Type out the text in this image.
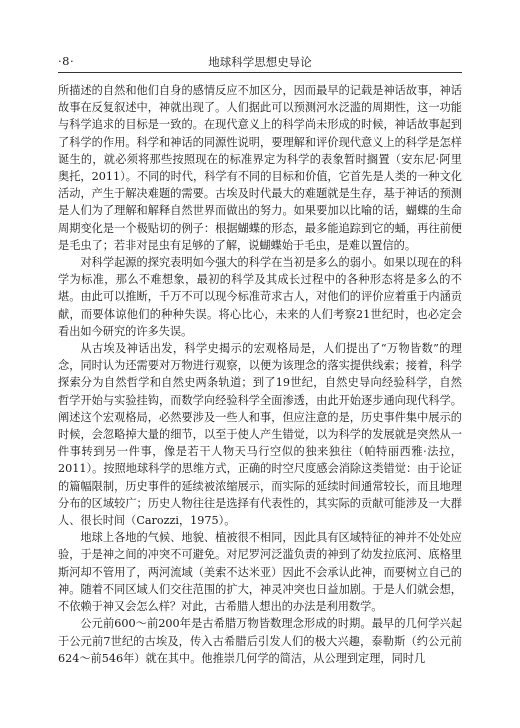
·8·	地球科学思想史导论

所描述的自然和他们自身的感情反应不加区分，因而最早的记载是神话故事，神话故事在反复叙述中，神就出现了。人们据此可以预测河水泛滥的周期性，这一功能与科学追求的目标是一致的。在现代意义上的科学尚未形成的时候，神话故事起到了科学的作用。科学和神话的同源性说明，要理解和评价现代意义上的科学是怎样诞生的，就必须将那些按照现在的标准界定为科学的表象暂时搁置（安东尼·阿里奥托，2011）。不同的时代，科学有不同的目标和价值，它首先是人类的一种文化活动，产生于解决难题的需要。古埃及时代最大的难题就是生存，基于神话的预测是人们为了理解和解释自然世界而做出的努力。如果要加以比喻的话，蝴蝶的生命周期变化是一个极贴切的例子：根据蝴蝶的形态，最多能追踪到它的蛹，再往前便是毛虫了；若非对昆虫有足够的了解，说蝴蝶始于毛虫，是难以置信的。

对科学起源的探究表明如今强大的科学在当初是多么的弱小。如果以现在的科学为标准，那么不难想象，最初的科学及其成长过程中的各种形态将是多么的不堪。由此可以推断，千万不可以现今标准苛求古人，对他们的评价应着重于内涵贡献，而要体谅他们的种种失误。将心比心，未来的人们考察21世纪时，也必定会看出如今研究的许多失误。

从古埃及神话出发，科学史揭示的宏观格局是，人们提出了“万物皆数”的理念，同时认为还需要对万物进行观察，以便为该理念的落实提供线索；接着，科学探索分为自然哲学和自然史两条轨道；到了19世纪，自然史导向经验科学，自然哲学开始与实验挂钩，而数学向经验科学全面渗透，由此开始逐步通向现代科学。阐述这个宏观格局，必然要涉及一些人和事，但应注意的是，历史事件集中展示的时候，会忽略掉大量的细节，以至于使人产生错觉，以为科学的发展就是突然从一件事转到另一件事，像是若干人物天马行空似的独来独往（帕特丽西雅·法拉，2011）。按照地球科学的思维方式，正确的时空尺度感会消除这类错觉：由于论证的篇幅限制，历史事件的延续被浓缩展示，而实际的延续时间通常较长，而且地理分布的区域较广；历史人物往往是选择有代表性的，其实际的贡献可能涉及一大群人、很长时间（Carozzi，1975）。

地球上各地的气候、地貌、植被很不相同，因此具有区域特征的神并不处处应验，于是神之间的冲突不可避免。对尼罗河泛滥负责的神到了幼发拉底河、底格里斯河却不管用了，两河流域（美索不达米亚）因此不会承认此神，而要树立自己的神。随着不同区域人们交往范围的扩大，神灵冲突也日益加剧。于是人们就会想，不依赖于神又会怎么样？对此，古希腊人想出的办法是利用数学。

公元前600～前200年是古希腊万物皆数理念形成的时期。最早的几何学兴起于公元前7世纪的古埃及，传入古希腊后引发人们的极大兴趣，泰勒斯（约公元前624～前546年）就在其中。他推崇几何学的简洁，从公理到定理，同时几
